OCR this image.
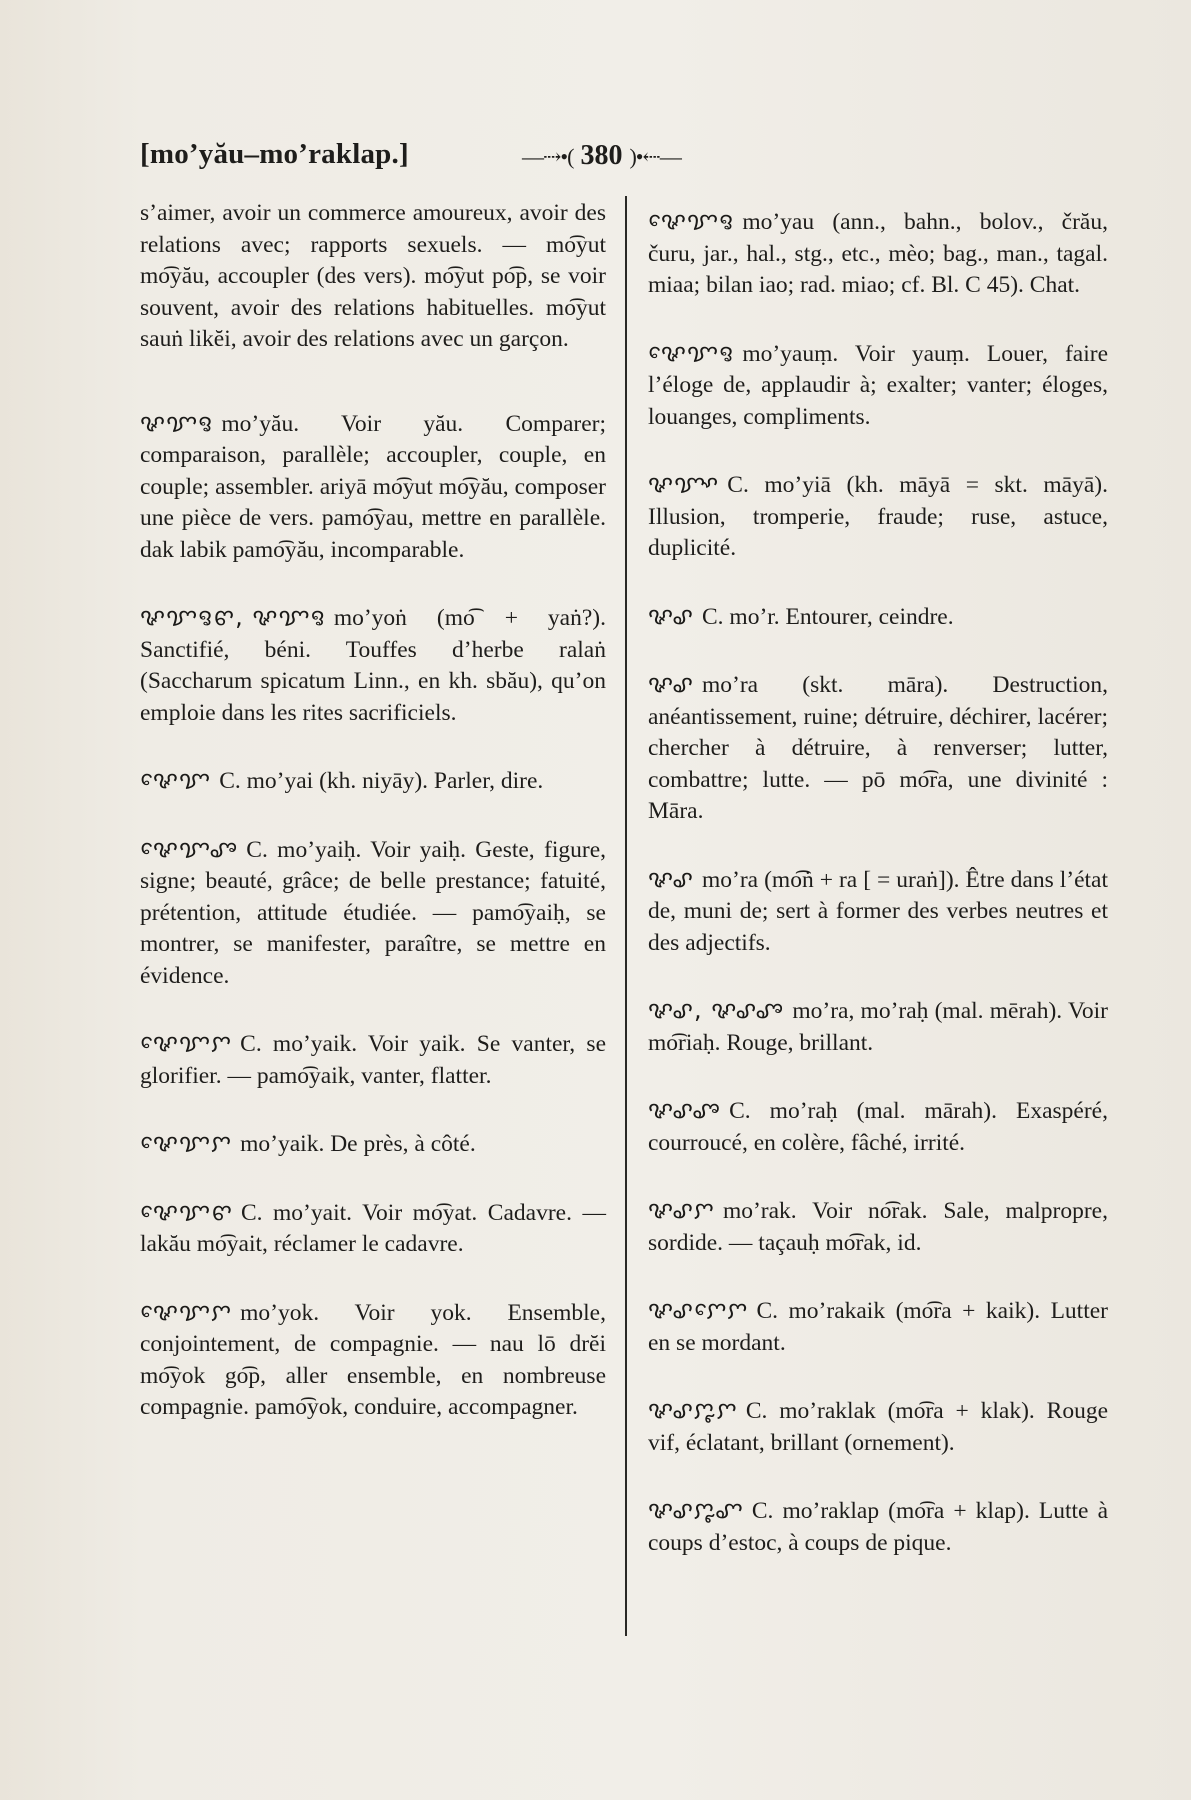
[mo’yău–mo’raklap.]	—⇢•( 380 )•⇠—

s’aimer, avoir un commerce amoureux, avoir des relations avec; rapports sexuels. — mo͡yut mo͡yău, accoupler (des vers). mo͡yut po͡p, se voir souvent, avoir des relations habituelles. mo͡yut sauṅ likĕi, avoir des relations avec un garçon.

ꨟꨢꨅ mo’yău. Voir yău. Comparer; comparaison, parallèle; accoupler, couple, en couple; assembler. ariyā mo͡yut mo͡yău, composer une pièce de vers. pamo͡yau, mettre en parallèle. dak labik pamo͡yău, incomparable.

ꨟꨢꨅꨓ, ꨟꨢꨅ mo’yoṅ (mo͡ + yaṅ?). Sanctifié, béni. Touffes d’herbe ralaṅ (Saccharum spicatum Linn., en kh. sbău), qu’on emploie dans les rites sacrificiels.

ꨟꨯꨢ C. mo’yai (kh. niyāy). Parler, dire.

ꨟꨯꨢꨨ C. mo’yaiḥ. Voir yaiḥ. Geste, figure, signe; beauté, grâce; de belle prestance; fatuité, prétention, attitude étudiée. — pamo͡yaiḥ, se montrer, se manifester, paraître, se mettre en évidence.

ꨟꨯꨢꨆ C. mo’yaik. Voir yaik. Se vanter, se glorifier. — pamo͡yaik, vanter, flatter.

ꨟꨯꨢꨆ mo’yaik. De près, à côté.

ꨟꨯꨢꨓ C. mo’yait. Voir mo͡yat. Cadavre. — lakău mo͡yait, réclamer le cadavre.

ꨟꨯꨢꨆ mo’yok. Voir yok. Ensemble, conjointement, de compagnie. — nau lō drĕi mo͡yok go͡p, aller ensemble, en nombreuse compagnie. pamo͡yok, conduire, accompagner.

ꨟꨯꨢꨅ mo’yau (ann., bahn., bolov., črău, čuru, jar., hal., stg., etc., mèo; bag., man., tagal. miaa; bilan iao; rad. miao; cf. Bl. C 45). Chat.

ꨟꨯꨢꨅ mo’yauṃ. Voir yauṃ. Louer, faire l’éloge de, applaudir à; exalter; vanter; éloges, louanges, compliments.

ꨟꨢꨳ C. mo’yiā (kh. māyā = skt. māyā). Illusion, tromperie, fraude; ruse, astuce, duplicité.

ꨟꨣ C. mo’r. Entourer, ceindre.

ꨟꨣ mo’ra (skt. māra). Destruction, anéantissement, ruine; détruire, déchirer, lacérer; chercher à détruire, à renverser; lutter, combattre; lutte. — pō mo͡ra, une divinité : Māra.

ꨟꨣ mo’ra (mo͡ṅ + ra [ = uraṅ]). Être dans l’état de, muni de; sert à former des verbes neutres et des adjectifs.

ꨟꨣ, ꨟꨣꨨ mo’ra, mo’raḥ (mal. mērah). Voir mo͡riaḥ. Rouge, brillant.

ꨟꨣꨨ C. mo’raḥ (mal. mārah). Exaspéré, courroucé, en colère, fâché, irrité.

ꨟꨣꨆ mo’rak. Voir no͡rak. Sale, malpropre, sordide. — taçauḥ mo͡rak, id.

ꨟꨣꨆꨯꨆ C. mo’rakaik (mo͡ra + kaik). Lutter en se mordant.

ꨟꨣꨆꨵꨆ C. mo’raklak (mo͡ra + klak). Rouge vif, éclatant, brillant (ornement).

ꨟꨣꨆꨵꨚ C. mo’raklap (mo͡ra + klap). Lutte à coups d’estoc, à coups de pique.
